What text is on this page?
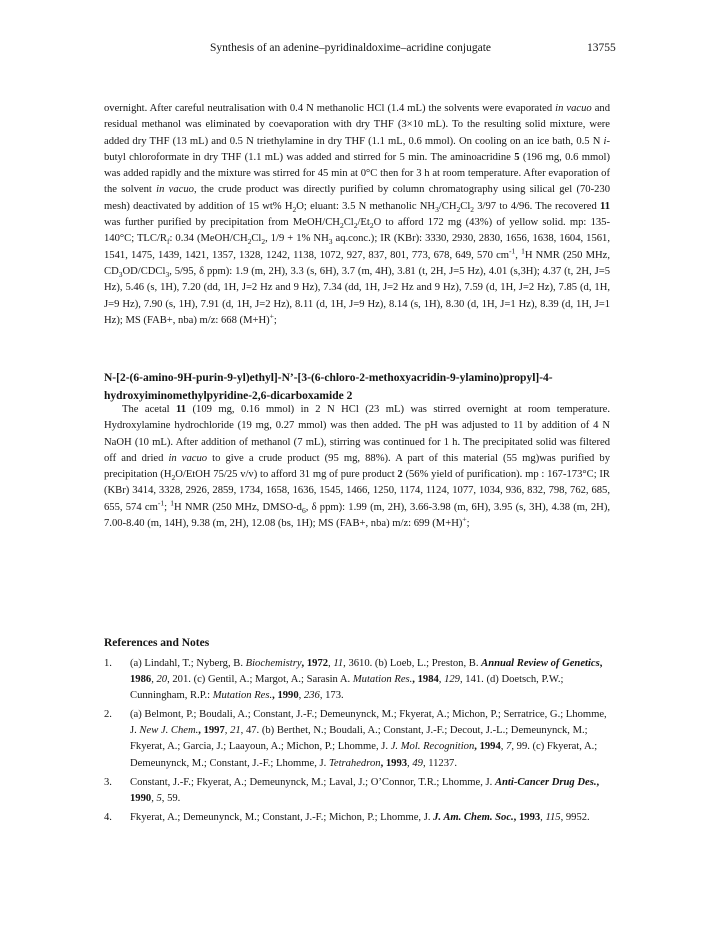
Synthesis of an adenine–pyridinaldoxime–acridine conjugate	13755
overnight. After careful neutralisation with 0.4 N methanolic HCl (1.4 mL) the solvents were evaporated in vacuo and residual methanol was eliminated by coevaporation with dry THF (3×10 mL). To the resulting solid mixture, were added dry THF (13 mL) and 0.5 N triethylamine in dry THF (1.1 mL, 0.6 mmol). On cooling on an ice bath, 0.5 N i-butyl chloroformate in dry THF (1.1 mL) was added and stirred for 5 min. The aminoacridine 5 (196 mg, 0.6 mmol) was added rapidly and the mixture was stirred for 45 min at 0°C then for 3 h at room temperature. After evaporation of the solvent in vacuo, the crude product was directly purified by column chromatography using silical gel (70-230 mesh) deactivated by addition of 15 wt% $H_2O$; eluant: 3.5 N methanolic $NH_3/CH_2Cl_2$ 3/97 to 4/96. The recovered 11 was further purified by precipitation from MeOH/$CH_2Cl_2/Et_2O$ to afford 172 mg (43%) of yellow solid. mp: 135-140°C; TLC/$R_f$: 0.34 ($MeOH/CH_2Cl_2$, 1/9 + 1% $NH_3$ aq.conc.); IR (KBr): 3330, 2930, 2830, 1656, 1638, 1604, 1561, 1541, 1475, 1439, 1421, 1357, 1328, 1242, 1138, 1072, 927, 837, 801, 773, 678, 649, 570 $cm^{-1}$, $^1$H NMR (250 MHz, $CD_3OD/CDCl_3$, 5/95, δ ppm): 1.9 (m, 2H), 3.3 (s, 6H), 3.7 (m, 4H), 3.81 (t, 2H, J=5 Hz), 4.01 (s,3H); 4.37 (t, 2H, J=5 Hz), 5.46 (s, 1H), 7.20 (dd, 1H, J=2 Hz and 9 Hz), 7.34 (dd, 1H, J=2 Hz and 9 Hz), 7.59 (d, 1H, J=2 Hz), 7.85 (d, 1H, J=9 Hz), 7.90 (s, 1H), 7.91 (d, 1H, J=2 Hz), 8.11 (d, 1H, J=9 Hz), 8.14 (s, 1H), 8.30 (d, 1H, J=1 Hz), 8.39 (d, 1H, J=1 Hz); MS (FAB+, nba) m/z: 668 (M+H)+;
N-[2-(6-amino-9H-purin-9-yl)ethyl]-N’-[3-(6-chloro-2-methoxyacridin-9-ylamino)propyl]-4-hydroxyiminomethylpyridine-2,6-dicarboxamide 2
The acetal 11 (109 mg, 0.16 mmol) in 2 N HCl (23 mL) was stirred overnight at room temperature. Hydroxylamine hydrochloride (19 mg, 0.27 mmol) was then added. The pH was adjusted to 11 by addition of 4 N NaOH (10 mL). After addition of methanol (7 mL), stirring was continued for 1 h. The precipitated solid was filtered off and dried in vacuo to give a crude product (95 mg, 88%). A part of this material (55 mg)was purified by precipitation ($H_2O$/EtOH 75/25 v/v) to afford 31 mg of pure product 2 (56% yield of purification). mp : 167-173°C; IR (KBr) 3414, 3328, 2926, 2859, 1734, 1658, 1636, 1545, 1466, 1250, 1174, 1124, 1077, 1034, 936, 832, 798, 762, 685, 655, 574 $cm^{-1}$; $^1$H NMR (250 MHz, DMSO-$d_6$, δ ppm): 1.99 (m, 2H), 3.66-3.98 (m, 6H), 3.95 (s, 3H), 4.38 (m, 2H), 7.00-8.40 (m, 14H), 9.38 (m, 2H), 12.08 (bs, 1H); MS (FAB+, nba) m/z: 699 (M+H)+;
References and Notes
1.	(a) Lindahl, T.; Nyberg, B. Biochemistry, 1972, 11, 3610. (b) Loeb, L.; Preston, B. Annual Review of Genetics, 1986, 20, 201. (c) Gentil, A.; Margot, A.; Sarasin A. Mutation Res., 1984, 129, 141. (d) Doetsch, P.W.; Cunningham, R.P.: Mutation Res., 1990, 236, 173.
2.	(a) Belmont, P.; Boudali, A.; Constant, J.-F.; Demeunynck, M.; Fkyerat, A.; Michon, P.; Serratrice, G.; Lhomme, J. New J. Chem., 1997, 21, 47. (b) Berthet, N.; Boudali, A.; Constant, J.-F.; Decout, J.-L.; Demeunynck, M.; Fkyerat, A.; Garcia, J.; Laayoun, A.; Michon, P.; Lhomme, J. J. Mol. Recognition, 1994, 7, 99. (c) Fkyerat, A.; Demeunynck, M.; Constant, J.-F.; Lhomme, J. Tetrahedron, 1993, 49, 11237.
3.	Constant, J.-F.; Fkyerat, A.; Demeunynck, M.; Laval, J.; O’Connor, T.R.; Lhomme, J. Anti-Cancer Drug Des., 1990, 5, 59.
4.	Fkyerat, A.; Demeunynck, M.; Constant, J.-F.; Michon, P.; Lhomme, J. J. Am. Chem. Soc., 1993, 115, 9952.
